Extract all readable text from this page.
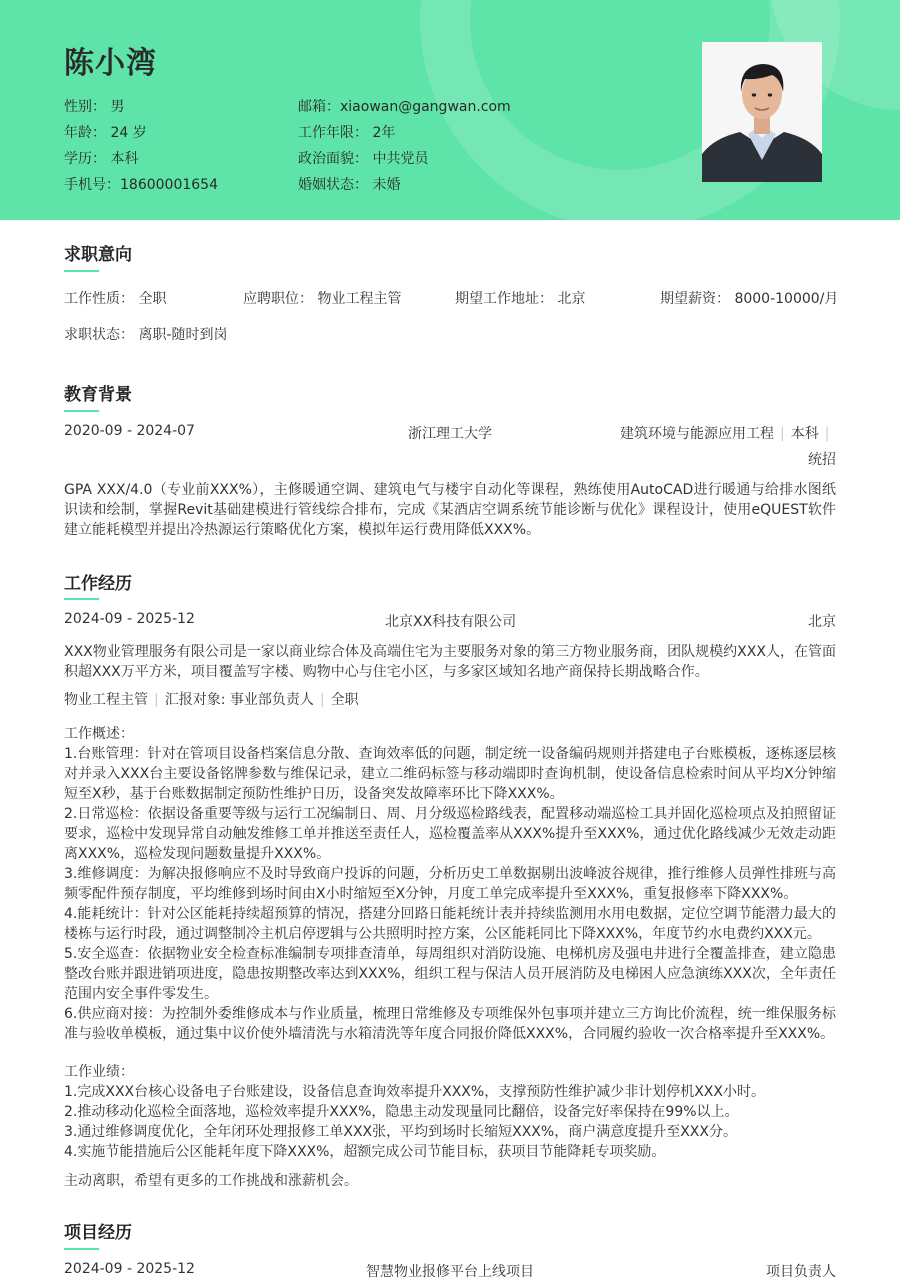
陈小湾
性别： 男	邮箱：xiaowan@gangwan.com
年龄： 24 岁	工作年限： 2年
学历： 本科	政治面貌： 中共党员
手机号：18600001654	婚姻状态： 未婚
求职意向
工作性质： 全职	应聘职位： 物业工程主管	期望工作地址： 北京	期望薪资： 8000-10000/月
求职状态： 离职-随时到岗
教育背景
2020-09 - 2024-07	浙江理工大学	建筑环境与能源应用工程 | 本科 |
统招
GPA XXX/4.0（专业前XXX%），主修暖通空调、建筑电气与楼宇自动化等课程，熟练使用AutoCAD进行暖通与给排水图纸识读和绘制，掌握Revit基础建模进行管线综合排布，完成《某酒店空调系统节能诊断与优化》课程设计，使用eQUEST软件建立能耗模型并提出冷热源运行策略优化方案，模拟年运行费用降低XXX%。
工作经历
2024-09 - 2025-12	北京XX科技有限公司	北京
XXX物业管理服务有限公司是一家以商业综合体及高端住宅为主要服务对象的第三方物业服务商，团队规模约XXX人，在管面积超XXX万平方米，项目覆盖写字楼、购物中心与住宅小区，与多家区域知名地产商保持长期战略合作。
物业工程主管 | 汇报对象: 事业部负责人 | 全职
工作概述：
1.台账管理：针对在管项目设备档案信息分散、查询效率低的问题，制定统一设备编码规则并搭建电子台账模板，逐栋逐层核对并录入XXX台主要设备铭牌参数与维保记录，建立二维码标签与移动端即时查询机制，使设备信息检索时间从平均X分钟缩短至X秒，基于台账数据制定预防性维护日历，设备突发故障率环比下降XXX%。
2.日常巡检：依据设备重要等级与运行工况编制日、周、月分级巡检路线表，配置移动端巡检工具并固化巡检项点及拍照留证要求，巡检中发现异常自动触发维修工单并推送至责任人，巡检覆盖率从XXX%提升至XXX%，通过优化路线减少无效走动距离XXX%，巡检发现问题数量提升XXX%。
3.维修调度：为解决报修响应不及时导致商户投诉的问题，分析历史工单数据剔出波峰波谷规律，推行维修人员弹性排班与高频零配件预存制度，平均维修到场时间由X小时缩短至X分钟，月度工单完成率提升至XXX%，重复报修率下降XXX%。
4.能耗统计：针对公区能耗持续超预算的情况，搭建分回路日能耗统计表并持续监测用水用电数据，定位空调节能潜力最大的楼栋与运行时段，通过调整制冷主机启停逻辑与公共照明时控方案，公区能耗同比下降XXX%，年度节约水电费约XXX元。
5.安全巡查：依据物业安全检查标准编制专项排查清单，每周组织对消防设施、电梯机房及强电井进行全覆盖排查，建立隐患整改台账并跟进销项进度，隐患按期整改率达到XXX%，组织工程与保洁人员开展消防及电梯困人应急演练XXX次，全年责任范围内安全事件零发生。
6.供应商对接：为控制外委维修成本与作业质量，梳理日常维修及专项维保外包事项并建立三方询比价流程，统一维保服务标准与验收单模板，通过集中议价使外墙清洗与水箱清洗等年度合同报价降低XXX%，合同履约验收一次合格率提升至XXX%。
工作业绩：
1.完成XXX台核心设备电子台账建设，设备信息查询效率提升XXX%，支撑预防性维护减少非计划停机XXX小时。
2.推动移动化巡检全面落地，巡检效率提升XXX%，隐患主动发现量同比翻倍，设备完好率保持在99%以上。
3.通过维修调度优化，全年闭环处理报修工单XXX张，平均到场时长缩短XXX%，商户满意度提升至XXX分。
4.实施节能措施后公区能耗年度下降XXX%，超额完成公司节能目标，获项目节能降耗专项奖励。
主动离职，希望有更多的工作挑战和涨薪机会。
项目经历
2024-09 - 2025-12	智慧物业报修平台上线项目	项目负责人
